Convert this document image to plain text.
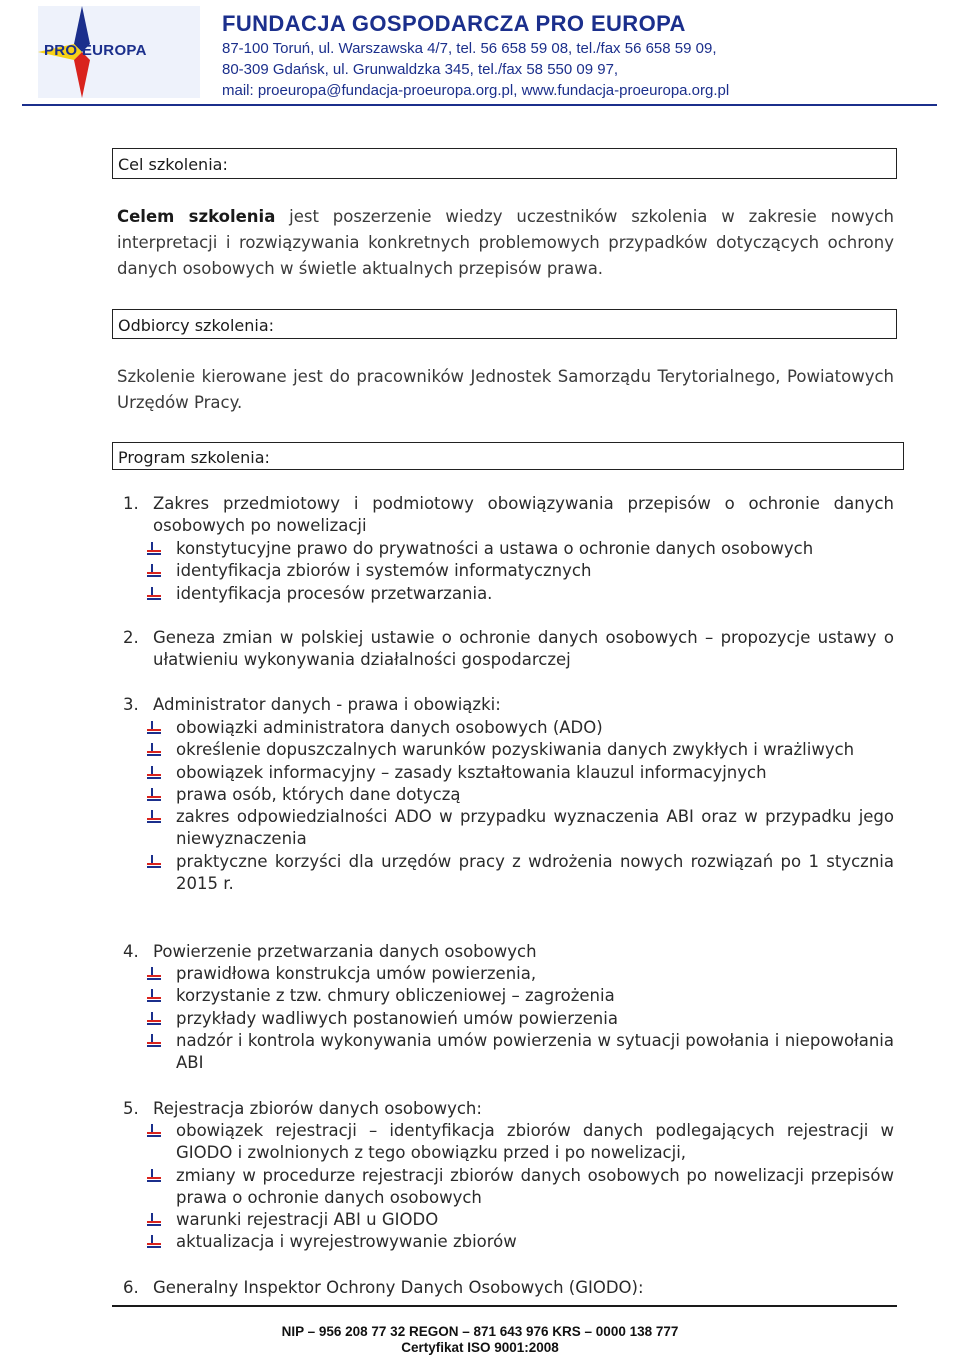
PRO EUROPA
FUNDACJA GOSPODARCZA PRO EUROPA
87-100 Toruń, ul. Warszawska 4/7, tel. 56 658 59 08, tel./fax 56 658 59 09,
80-309 Gdańsk, ul. Grunwaldzka 345, tel./fax 58 550 09 97,
mail: proeuropa@fundacja-proeuropa.org.pl, www.fundacja-proeuropa.org.pl
Cel szkolenia:
Celem szkolenia jest poszerzenie wiedzy uczestników szkolenia w zakresie nowych interpretacji i rozwiązywania konkretnych problemowych przypadków dotyczących ochrony danych osobowych w świetle aktualnych przepisów prawa.
Odbiorcy szkolenia:
Szkolenie kierowane jest do pracowników Jednostek Samorządu Terytorialnego, Powiatowych Urzędów Pracy.
Program szkolenia:
1. Zakres przedmiotowy i podmiotowy obowiązywania przepisów o ochronie danych osobowych po nowelizacji
konstytucyjne prawo do prywatności a ustawa o ochronie danych osobowych
identyfikacja zbiorów i systemów informatycznych
identyfikacja procesów przetwarzania.
2. Geneza zmian w polskiej ustawie o ochronie danych osobowych – propozycje ustawy o ułatwieniu wykonywania działalności gospodarczej
3. Administrator danych - prawa i obowiązki:
obowiązki administratora danych osobowych (ADO)
określenie dopuszczalnych warunków pozyskiwania danych zwykłych i wrażliwych
obowiązek informacyjny – zasady kształtowania klauzul informacyjnych
prawa osób, których dane dotyczą
zakres odpowiedzialności ADO w przypadku wyznaczenia ABI oraz w przypadku jego niewyznaczenia
praktyczne korzyści dla urzędów pracy z wdrożenia nowych rozwiązań po 1 stycznia 2015 r.
4. Powierzenie przetwarzania danych osobowych
prawidłowa konstrukcja umów powierzenia,
korzystanie z tzw. chmury obliczeniowej – zagrożenia
przykłady wadliwych postanowień umów powierzenia
nadzór i kontrola wykonywania umów powierzenia w sytuacji powołania i niepowołania ABI
5. Rejestracja zbiorów danych osobowych:
obowiązek rejestracji – identyfikacja zbiorów danych podlegających rejestracji w GIODO i zwolnionych z tego obowiązku przed i po nowelizacji,
zmiany w procedurze rejestracji zbiorów danych osobowych po nowelizacji przepisów prawa o ochronie danych osobowych
warunki rejestracji ABI u GIODO
aktualizacja i wyrejestrowywanie zbiorów
6. Generalny Inspektor Ochrony Danych Osobowych (GIODO):
NIP – 956 208 77 32 REGON – 871 643 976 KRS – 0000 138 777
Certyfikat ISO 9001:2008
